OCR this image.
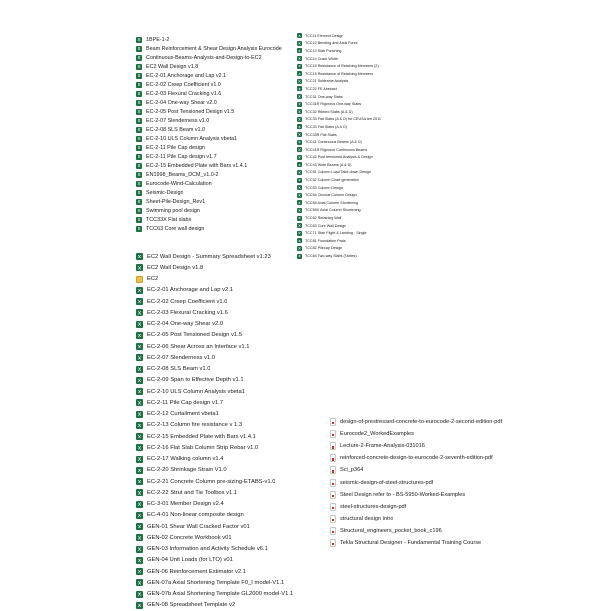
1BPE-1-2
Beam Reinforcement & Shear Design Analysis Eurocode
Continuous-Beams-Analysis-and-Design-to-EC2
EC2 Wall Design v1.8
EC-2-01 Anchorage and Lap v2.1
EC-2-02 Creep Coefficient v1.0
EC-2-03 Flexural Cracking v1.6
EC-2-04 One-way Shear v2.0
EC-2-05 Post Tensioned Design v1.5
EC-2-07 Slenderness v1.0
EC-2-08 SLS Beam v1.0
EC-2-10 ULS Column Analysis vbeta1
EC-2-11 Pile Cap design
EC-2-11 Pile Cap design v1.7
EC-2-15 Embedded Plate with Bars v1.4.1
EN1998_Beams_DCM_v1.0-2
Eurocode-Wind-Calculation
Seismic-Design
Sheet-Pile-Design_Rev1
Swimming pool design
TCC33X Flat slabs
TCC63 Core wall design
TCC11 Element Design
TCC12 Bending and Axial Force
TCC13 Slab Punching
TCC14 Crack Width
TCC15 Resistance of Retaining Members (2)
TCC15 Resistance of Retaining Members
TCC21 Subframe Analysis
TCC22 FE Abstract
TCC31 One-way Slabs
TCC31R Rigorous One-way Slabs
TCC32 Ribbed Slabs (A & D)
TCC33 Flat Slabs (A & D) for CEUSA ten 2011
TCC33 Flat Slabs (A & D)
TCC33R Flat Slabs
TCC41 Continuous Beams (A & D)
TCC41R Rigorous Continuous Beams
TCC42 Post tensioned Analysis & Design
TCC43 Wide Beams (A & D)
TCC51 Column Load Take-down Design
TCC52 Column Chart generation
TCC53 Column Design
TCC54 Circular Column Design
TCC55 Axial Column Shortening
TCC55X Axial Column Shortening
TCC62 Retaining Wall
TCC63 Core Wall Design
TCC71 Stair Flight & Landing - Single
TCC81 Foundation Pads
TCC82 Pilecap Design
TCC84 Two-way Slabs (Tables)
EC2 Wall Design - Summary Spreadsheet v1.23
EC2 Wall Design v1.8
EC2
EC-2-01 Anchorage and Lap v2.1
EC-2-02 Creep Coefficient v1.0
EC-2-03 Flexural Cracking v1.6
EC-2-04 One-way Shear v2.0
EC-2-05 Post Tensioned Design v1.5
EC-2-06 Shear Across an Interface v1.1
EC-2-07 Slenderness v1.0
EC-2-08 SLS Beam v1.0
EC-2-09 Span to Effective Depth v1.1
EC-2-10 ULS Column Analysis vbeta1
EC-2-11 Pile Cap design v1.7
EC-2-12 Curtailment vbeta1
EC-2-13 Column fire resistance v 1.3
EC-2-15 Embedded Plate with Bars v1.4.1
EC-2-16 Flat Slab Column Strip Rebar v1.0
EC-2-17 Walking column v1.4
EC-2-20 Shrinkage Strain V1.0
EC-2-21 Concrete Column pre-sizing-ETABS-v1.0
EC-2-22 Strut and Tie Toolbox v1.1
EC-3-01 Member Design v2.4
EC-4-01 Non-linear composite design
GEN-01 Shear Wall Cracked Factor v01
GEN-02 Concrete Workbook v01
GEN-03 Information and Activity Schedule v6.1
GEN-04 Unit Loads (for LTO) v01
GEN-06 Reinforcement Estimator v2.1
GEN-07a Axial Shortening Template F0_I model-V1.1
GEN-07b Axial Shortening Template GL2000 model-V1.1
GEN-08 Spreadsheet Template v2
design-of-prestressed-concrete-to-eurocode-2-second-edition-pdf
Eurocode2_WorkedExamples
Lecture-2-Frame-Analysis-031016
reinforced-concrete-design-to-eurocode-2-seventh-edition-pdf
Sci_p364
seismic-design-of-steel-structures-pdf
Steel Design refer to - BS-5950-Worked-Examples
steel-structures-design-pdf
structural design intro
Structural_engineers_pocket_book_c196
Tekla Structural Designer - Fundamental Training Course
